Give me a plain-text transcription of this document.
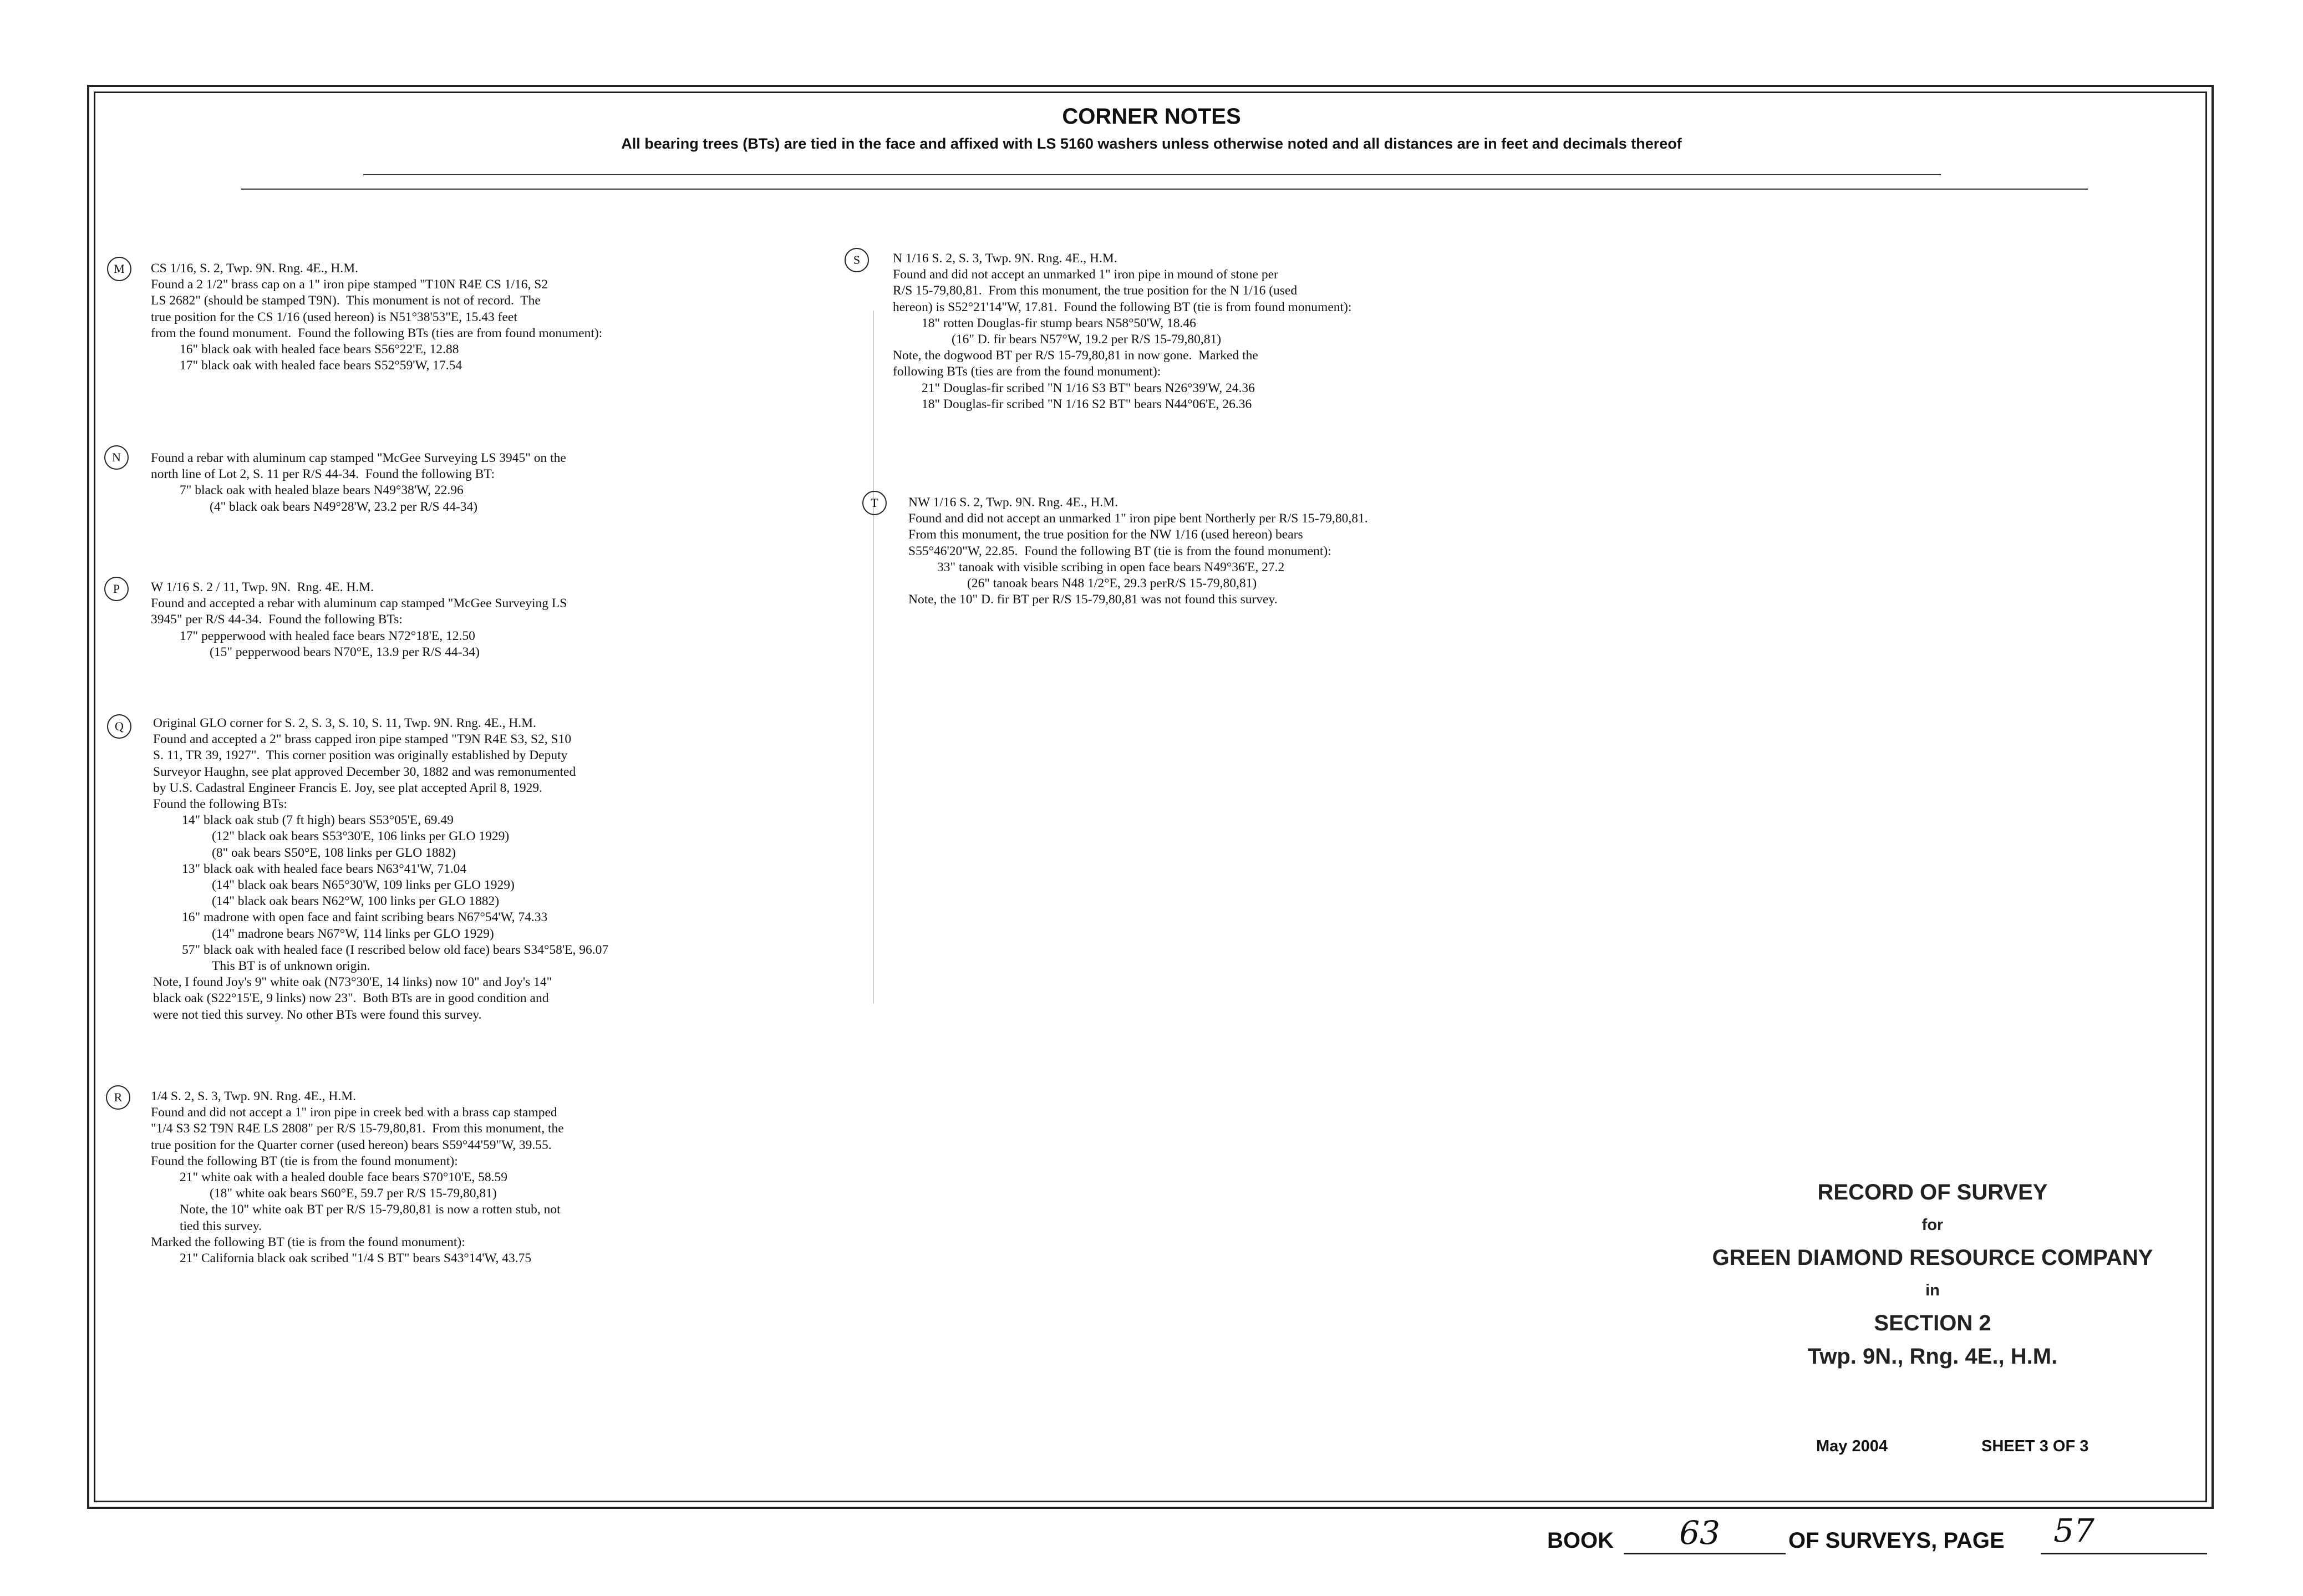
CORNER NOTES
All bearing trees (BTs) are tied in the face and affixed with LS 5160 washers unless otherwise noted and all distances are in feet and decimals thereof
M	CS 1/16, S. 2, Twp. 9N. Rng. 4E., H.M.
Found a 2 1/2" brass cap on a 1" iron pipe stamped "T10N R4E CS 1/16, S2
LS 2682" (should be stamped T9N).  This monument is not of record.  The
true position for the CS 1/16 (used hereon) is N51°38'53"E, 15.43 feet
from the found monument.  Found the following BTs (ties are from found monument):
16" black oak with healed face bears S56°22'E, 12.88
17" black oak with healed face bears S52°59'W, 17.54
N	Found a rebar with aluminum cap stamped "McGee Surveying LS 3945" on the
north line of Lot 2, S. 11 per R/S 44-34.  Found the following BT:
7" black oak with healed blaze bears N49°38'W, 22.96
(4" black oak bears N49°28'W, 23.2 per R/S 44-34)
P	W 1/16 S. 2 / 11, Twp. 9N.  Rng. 4E. H.M.
Found and accepted a rebar with aluminum cap stamped "McGee Surveying LS
3945" per R/S 44-34.  Found the following BTs:
17" pepperwood with healed face bears N72°18'E, 12.50
(15" pepperwood bears N70°E, 13.9 per R/S 44-34)
Q	Original GLO corner for S. 2, S. 3, S. 10, S. 11, Twp. 9N. Rng. 4E., H.M.
Found and accepted a 2" brass capped iron pipe stamped "T9N R4E S3, S2, S10
S. 11, TR 39, 1927".  This corner position was originally established by Deputy
Surveyor Haughn, see plat approved December 30, 1882 and was remonumented
by U.S. Cadastral Engineer Francis E. Joy, see plat accepted April 8, 1929.
Found the following BTs:
14" black oak stub (7 ft high) bears S53°05'E, 69.49
(12" black oak bears S53°30'E, 106 links per GLO 1929)
(8" oak bears S50°E, 108 links per GLO 1882)
13" black oak with healed face bears N63°41'W, 71.04
(14" black oak bears N65°30'W, 109 links per GLO 1929)
(14" black oak bears N62°W, 100 links per GLO 1882)
16" madrone with open face and faint scribing bears N67°54'W, 74.33
(14" madrone bears N67°W, 114 links per GLO 1929)
57" black oak with healed face (I rescribed below old face) bears S34°58'E, 96.07
This BT is of unknown origin.
Note, I found Joy's 9" white oak (N73°30'E, 14 links) now 10" and Joy's 14"
black oak (S22°15'E, 9 links) now 23".  Both BTs are in good condition and
were not tied this survey. No other BTs were found this survey.
R	1/4 S. 2, S. 3, Twp. 9N. Rng. 4E., H.M.
Found and did not accept a 1" iron pipe in creek bed with a brass cap stamped
"1/4 S3 S2 T9N R4E LS 2808" per R/S 15-79,80,81.  From this monument, the
true position for the Quarter corner (used hereon) bears S59°44'59"W, 39.55.
Found the following BT (tie is from the found monument):
21" white oak with a healed double face bears S70°10'E, 58.59
(18" white oak bears S60°E, 59.7 per R/S 15-79,80,81)
Note, the 10" white oak BT per R/S 15-79,80,81 is now a rotten stub, not
tied this survey.
Marked the following BT (tie is from the found monument):
21" California black oak scribed "1/4 S BT" bears S43°14'W, 43.75
S	N 1/16 S. 2, S. 3, Twp. 9N. Rng. 4E., H.M.
Found and did not accept an unmarked 1" iron pipe in mound of stone per
R/S 15-79,80,81.  From this monument, the true position for the N 1/16 (used
hereon) is S52°21'14"W, 17.81.  Found the following BT (tie is from found monument):
18" rotten Douglas-fir stump bears N58°50'W, 18.46
(16" D. fir bears N57°W, 19.2 per R/S 15-79,80,81)
Note, the dogwood BT per R/S 15-79,80,81 in now gone.  Marked the
following BTs (ties are from the found monument):
21" Douglas-fir scribed "N 1/16 S3 BT" bears N26°39'W, 24.36
18" Douglas-fir scribed "N 1/16 S2 BT" bears N44°06'E, 26.36
T	NW 1/16 S. 2, Twp. 9N. Rng. 4E., H.M.
Found and did not accept an unmarked 1" iron pipe bent Northerly per R/S 15-79,80,81.
From this monument, the true position for the NW 1/16 (used hereon) bears
S55°46'20"W, 22.85.  Found the following BT (tie is from the found monument):
33" tanoak with visible scribing in open face bears N49°36'E, 27.2
(26" tanoak bears N48 1/2°E, 29.3 perR/S 15-79,80,81)
Note, the 10" D. fir BT per R/S 15-79,80,81 was not found this survey.
RECORD OF SURVEY
for
GREEN DIAMOND RESOURCE COMPANY
in
SECTION 2
Twp. 9N., Rng. 4E., H.M.
May 2004	SHEET 3 OF 3
BOOK	63	OF SURVEYS, PAGE	57
